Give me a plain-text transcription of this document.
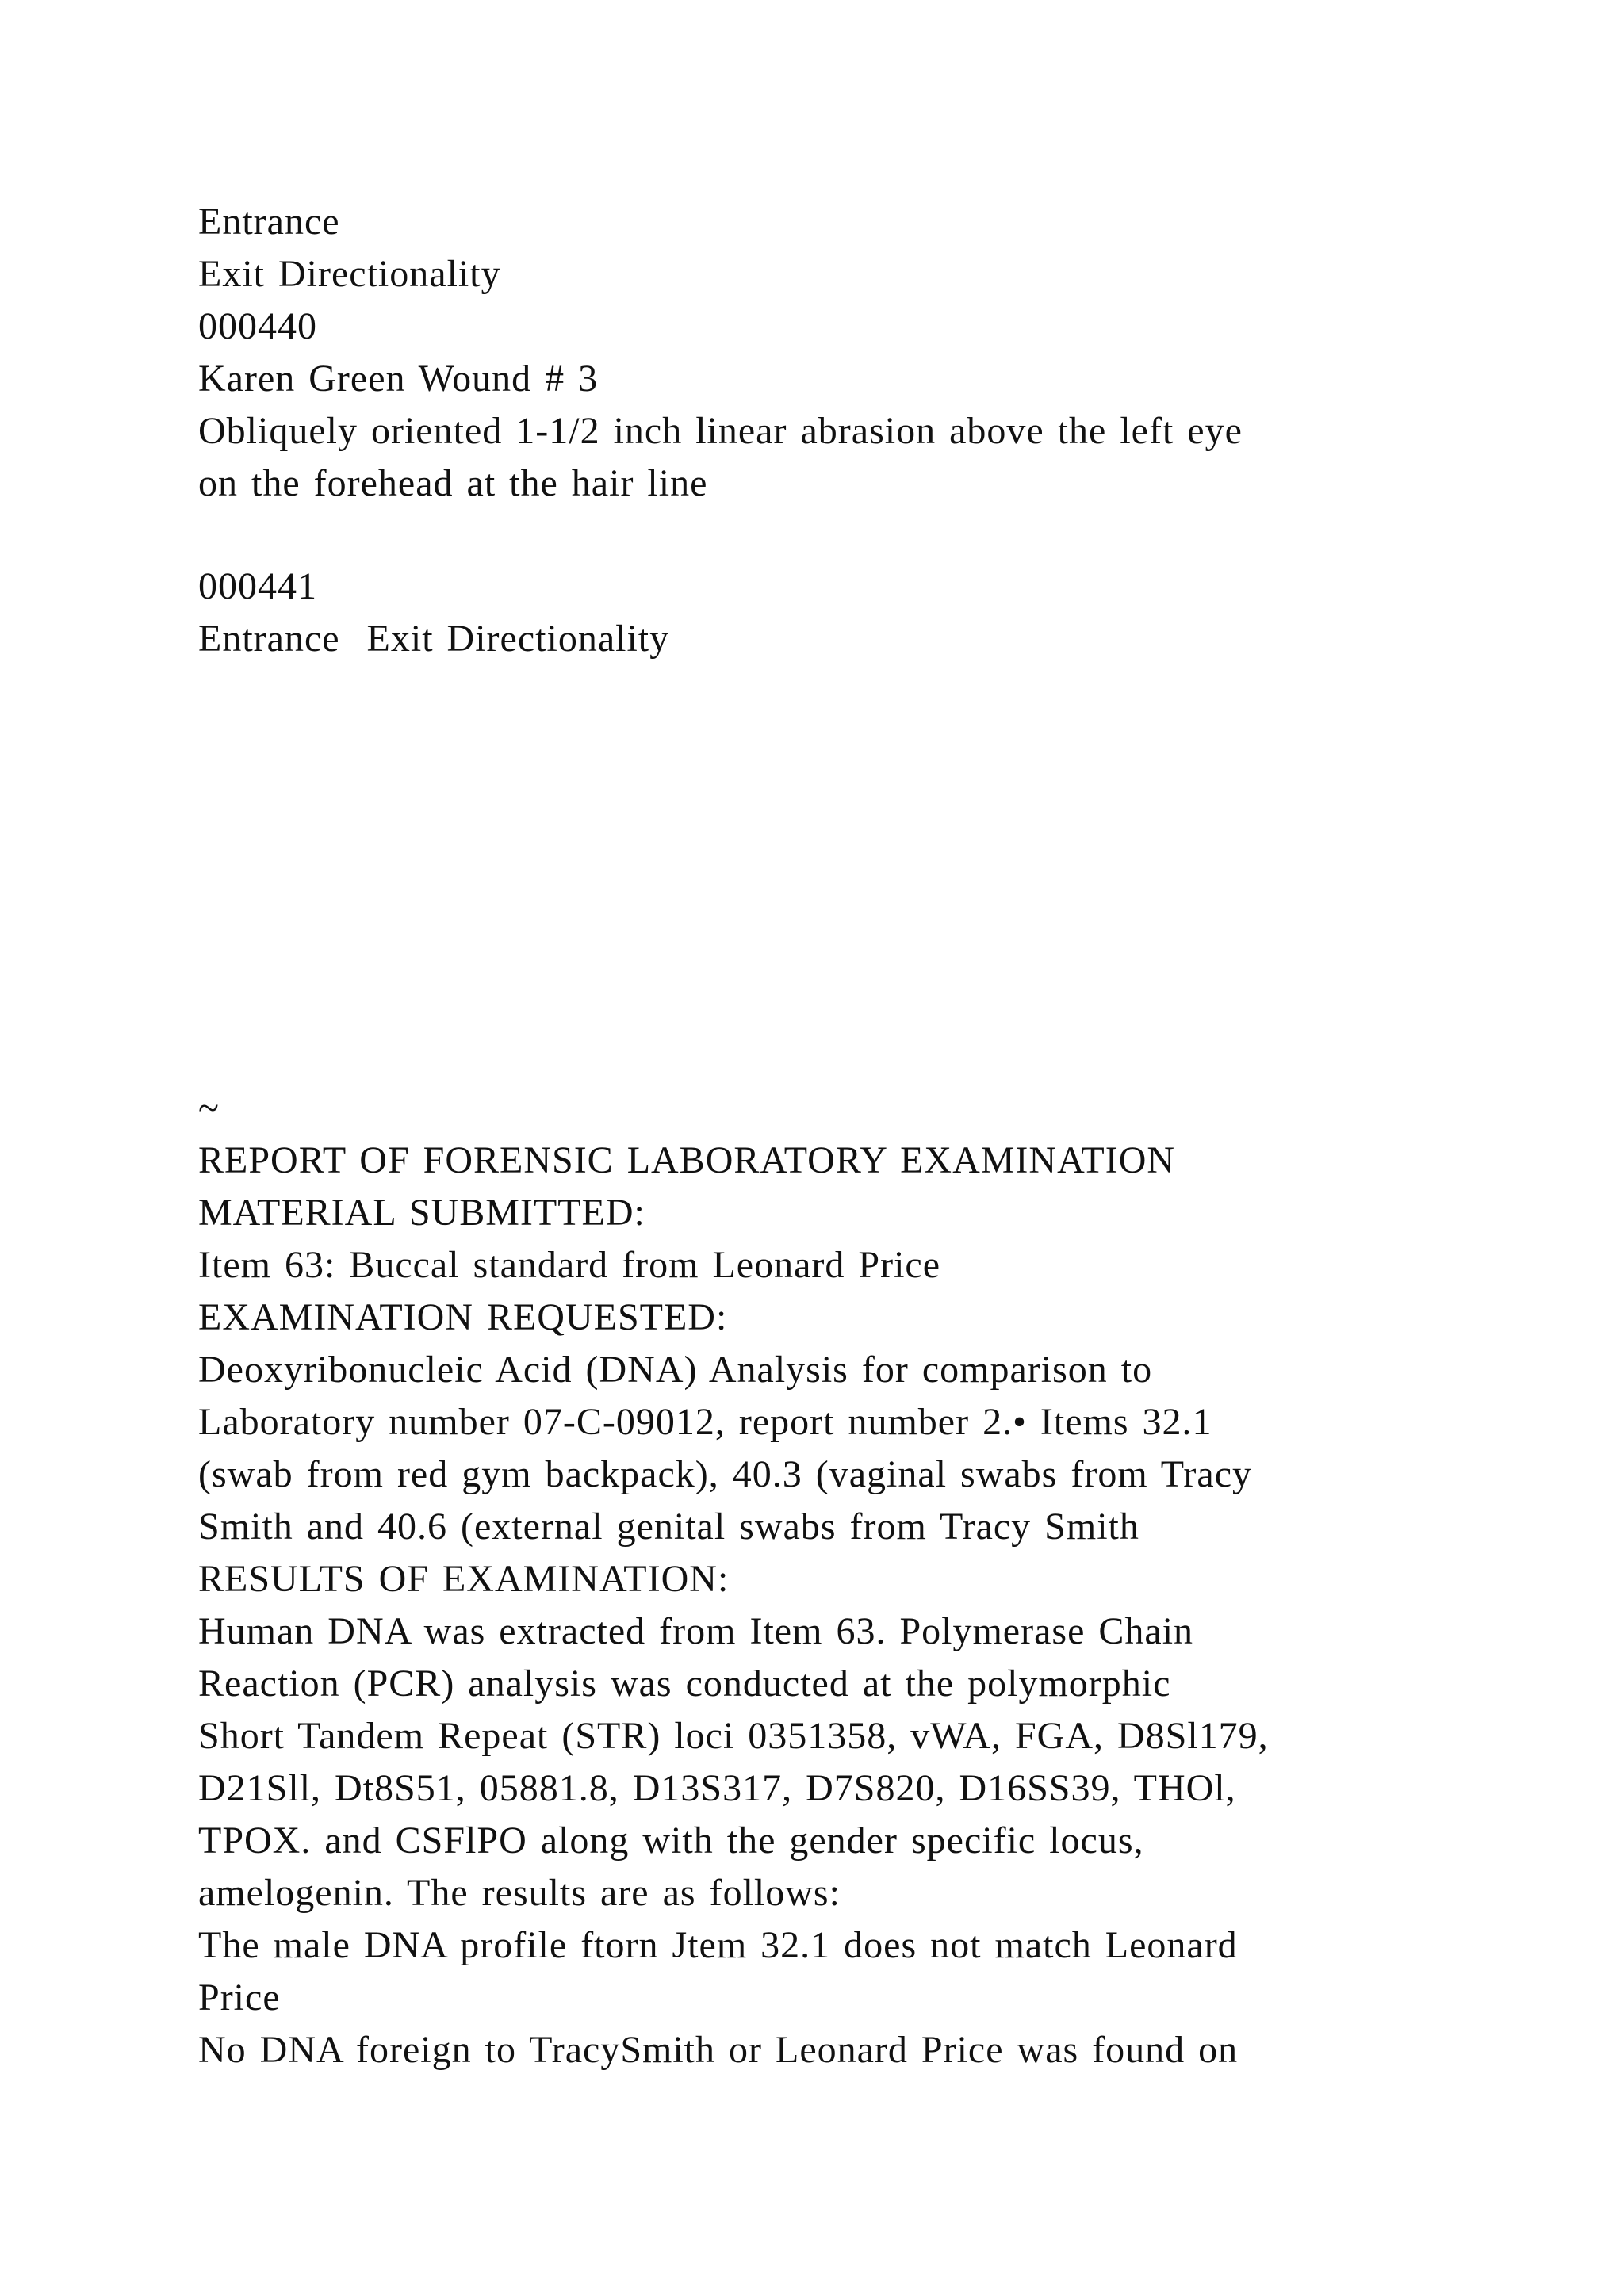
Entrance
Exit Directionality
000440
Karen Green Wound # 3
Obliquely oriented 1-1/2 inch linear abrasion above the left eye
on the forehead at the hair line
000441
Entrance  Exit Directionality
~
REPORT OF FORENSIC LABORATORY EXAMINATION
MATERIAL SUBMITTED:
Item 63: Buccal standard from Leonard Price
EXAMINATION REQUESTED:
Deoxyribonucleic Acid (DNA) Analysis for comparison to
Laboratory number 07-C-09012, report number 2.• Items 32.1
(swab from red gym backpack), 40.3 (vaginal swabs from Tracy
Smith and 40.6 (external genital swabs from Tracy Smith
RESULTS OF EXAMINATION:
Human DNA was extracted from Item 63. Polymerase Chain
Reaction (PCR) analysis was conducted at the polymorphic
Short Tandem Repeat (STR) loci 0351358, vWA, FGA, D8Sl179,
D21Sll, Dt8S51, 05881.8, D13S317, D7S820, D16SS39, THOl,
TPOX. and CSFlPO along with the gender specific locus,
amelogenin. The results are as follows:
The male DNA profile ftorn Jtem 32.1 does not match Leonard
Price
No DNA foreign to TracySmith or Leonard Price was found on
